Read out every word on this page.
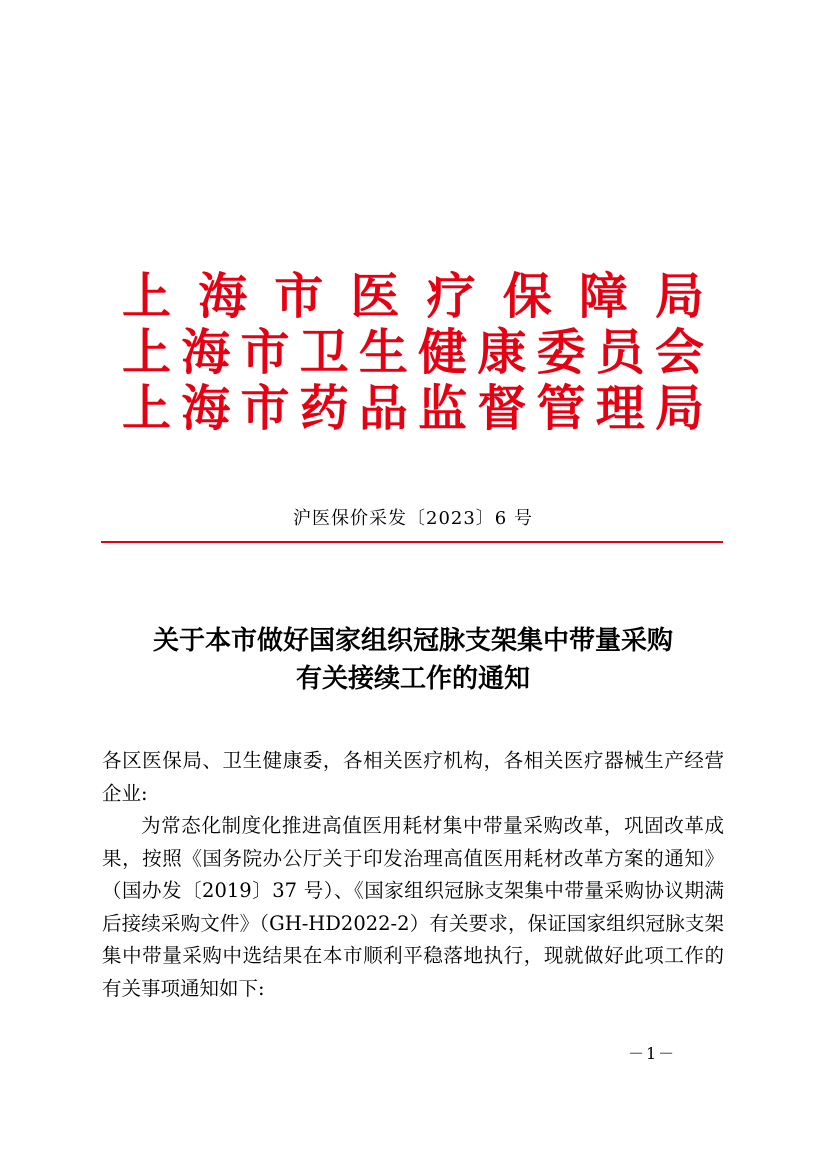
上 海 市 医 疗 保 障 局
上 海 市 卫 生 健 康 委 员 会
上 海 市 药 品 监 督 管 理 局
沪医保价采发〔2023〕6 号
关于本市做好国家组织冠脉支架集中带量采购
有关接续工作的通知

各区医保局、卫生健康委，各相关医疗机构，各相关医疗器械生产经营企业:

为常态化制度化推进高值医用耗材集中带量采购改革，巩固改革成果，按照《国务院办公厅关于印发治理高值医用耗材改革方案的通知》（国办发〔2019〕37 号）、《国家组织冠脉支架集中带量采购协议期满后接续采购文件》（GH-HD2022-2）有关要求，保证国家组织冠脉支架集中带量采购中选结果在本市顺利平稳落地执行，现就做好此项工作的有关事项通知如下:

－1－
